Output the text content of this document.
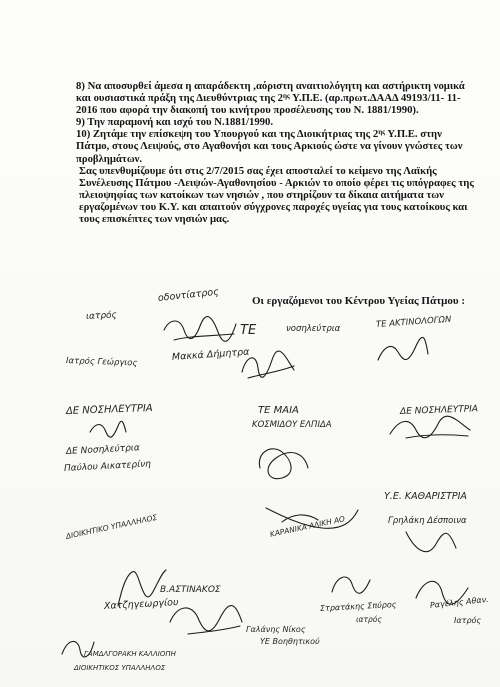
8) Να αποσυρθεί άμεσα η απαράδεκτη ,αόριστη αναιτιολόγητη και αστήρικτη νομικά και ουσιαστικά πράξη της Διευθύντριας της $2^{\eta\varsigma}$ Υ.Π.Ε. (αρ.πρωτ.ΔΑΑΔ 49193/11- 11-2016 που αφορά την διακοπή του κινήτρου προσέλευσης του Ν. 1881/1990).

9) Την παραμονή και ισχύ του Ν.1881/1990.

10) Ζητάμε την επίσκεψη του Υπουργού και της Διοικήτριας της $2^{\eta\varsigma}$ Υ.Π.Ε. στην Πάτμο, στους Λειψούς, στο Αγαθονήσι και τους Αρκιούς ώστε να γίνουν γνώστες των προβλημάτων.

Σας υπενθυμίζουμε ότι στις 2/7/2015 σας έχει αποσταλεί το κείμενο της Λαϊκής Συνέλευσης Πάτμου -Λειψών-Αγαθονησίου - Αρκιών το οποίο φέρει τις υπόγραφες της πλειοψηφίας των κατοίκων των νησιών , που στηρίζουν τα δίκαια αιτήματα των εργαζομένων του Κ.Υ. και απαιτούν σύγχρονες παροχές υγείας για τους κατοίκους και τους επισκέπτες των νησιών μας.

Οι εργαζόμενοι του Κέντρου Υγείας Πάτμου :
ιατρός
Ιατρός Γεώργιος
οδοντίατρος
Μακκά Δήμητρα
ΤΕ	νοσηλεύτρια	ΤΕ ΑΚΤΙΝΟΛΟΓΩΝ
ΔΕ ΝΟΣΗΛΕΥΤΡΙΑ	ΤΕ ΜΑΙΑ
ΚΟΣΜΙΔΟΥ ΕΛΠΙΔΑ
ΔΕ ΝΟΣΗΛΕΥΤΡΙΑ
ΔΕ Νοσηλεύτρια
Παύλου Αικατερίνη
Υ.Ε. ΚΑΘΑΡΙΣΤΡΙΑ
Γρηλάκη Δέσποινα
ΔΙΟΙΚΗΤΙΚΟ ΥΠΑΛΛΗΛΟΣ	ΚΑΡΑΝΙΚΑ ΑΛΙΚΗ ΑΟ
Β.ΑΣΤΙΝΑΚΟΣ
Χατζηγεωργίου	Στρατάκης Σπύρος
ιατρός
Ραγέλης Αθαν.
Ιατρός
Γαλάνης Νίκος
ΥΕ Βοηθητικού
ΓΑΜΔΛΓΟΡΑΚΗ ΚΑΛΛΙΟΠΗ
ΔΙΟΙΚΗΤΙΚΟΣ ΥΠΑΛΛΗΛΟΣ
